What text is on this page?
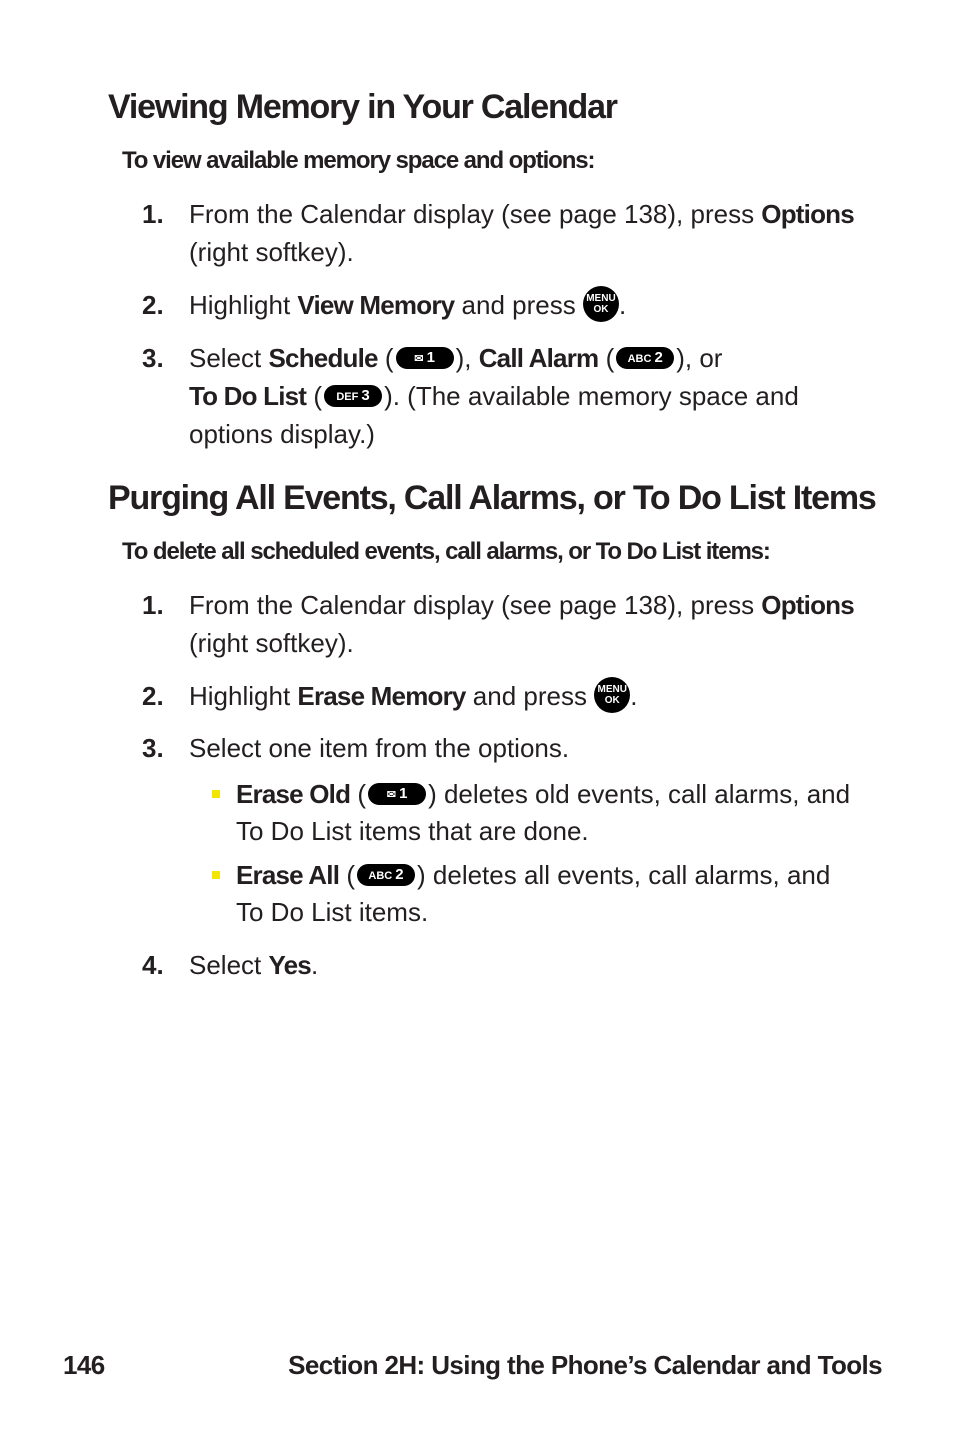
Viewing Memory in Your Calendar
To view available memory space and options:
1. From the Calendar display (see page 138), press Options (right softkey).
2. Highlight View Memory and press MENU
OK .
3. Select Schedule ( ✉ 1 ), Call Alarm ( ABC 2 ), or
To Do List ( DEF 3 ). (The available memory space and options display.)
Purging All Events, Call Alarms, or To Do List Items
To delete all scheduled events, call alarms, or To Do List items:
1. From the Calendar display (see page 138), press Options (right softkey).
2. Highlight Erase Memory and press MENU
OK .
3. Select one item from the options.
Erase Old ( ✉ 1 ) deletes old events, call alarms, and To Do List items that are done.
Erase All ( ABC 2 ) deletes all events, call alarms, and To Do List items.
4. Select Yes.
146	Section 2H: Using the Phone’s Calendar and Tools
